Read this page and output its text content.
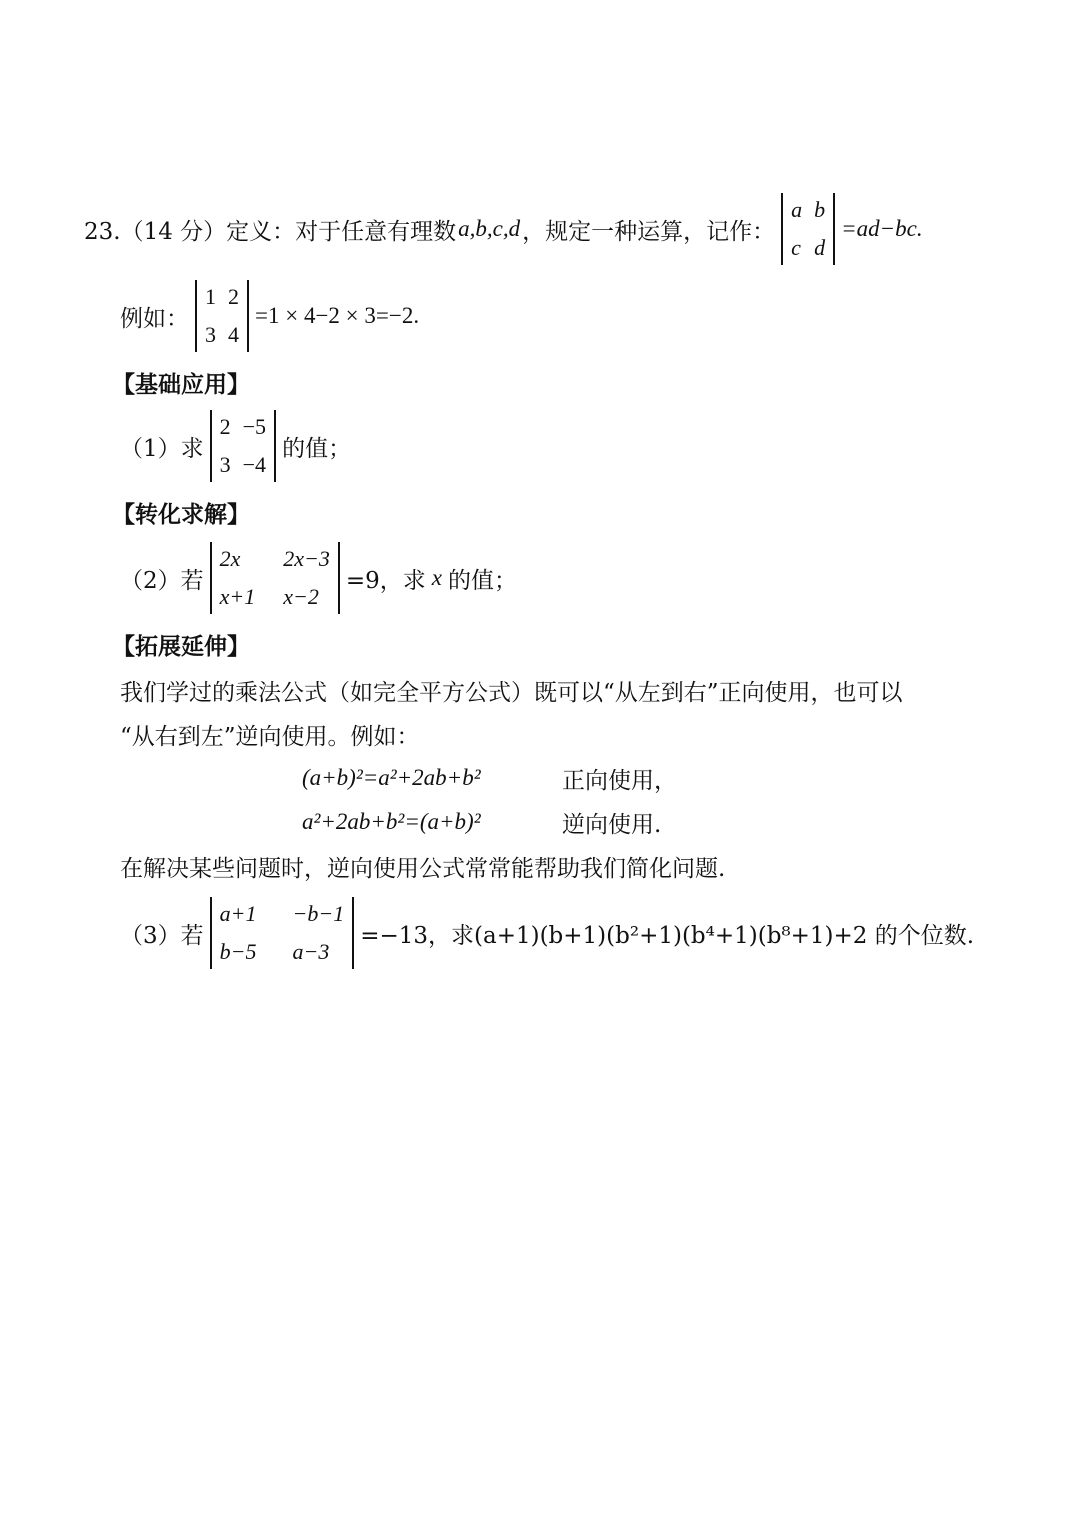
23.（14 分）定义：对于任意有理数 a,b,c,d ，规定一种运算，记作：
a b
c d
=ad−bc.
例如：
1 2
3 4
=1 × 4−2 × 3=−2.
【基础应用】
（1）求
2 −5
3 −4
的值；
【转化求解】
（2）若
2x	2x−3
x+1 x−2
=9，求 x 的值；
【拓展延伸】
我们学过的乘法公式（如完全平方公式）既可以“从左到右”正向使用，也可以
“从右到左”逆向使用。例如：
(a+b)²=a²+2ab+b²	正向使用，
a²+2ab+b²=(a+b)²	逆向使用.
在解决某些问题时，逆向使用公式常常能帮助我们简化问题.
（3）若
a+1 −b−1
b−5 a−3
=−13，求(a+1)(b+1)(b²+1)(b⁴+1)(b⁸+1)+2 的个位数.
